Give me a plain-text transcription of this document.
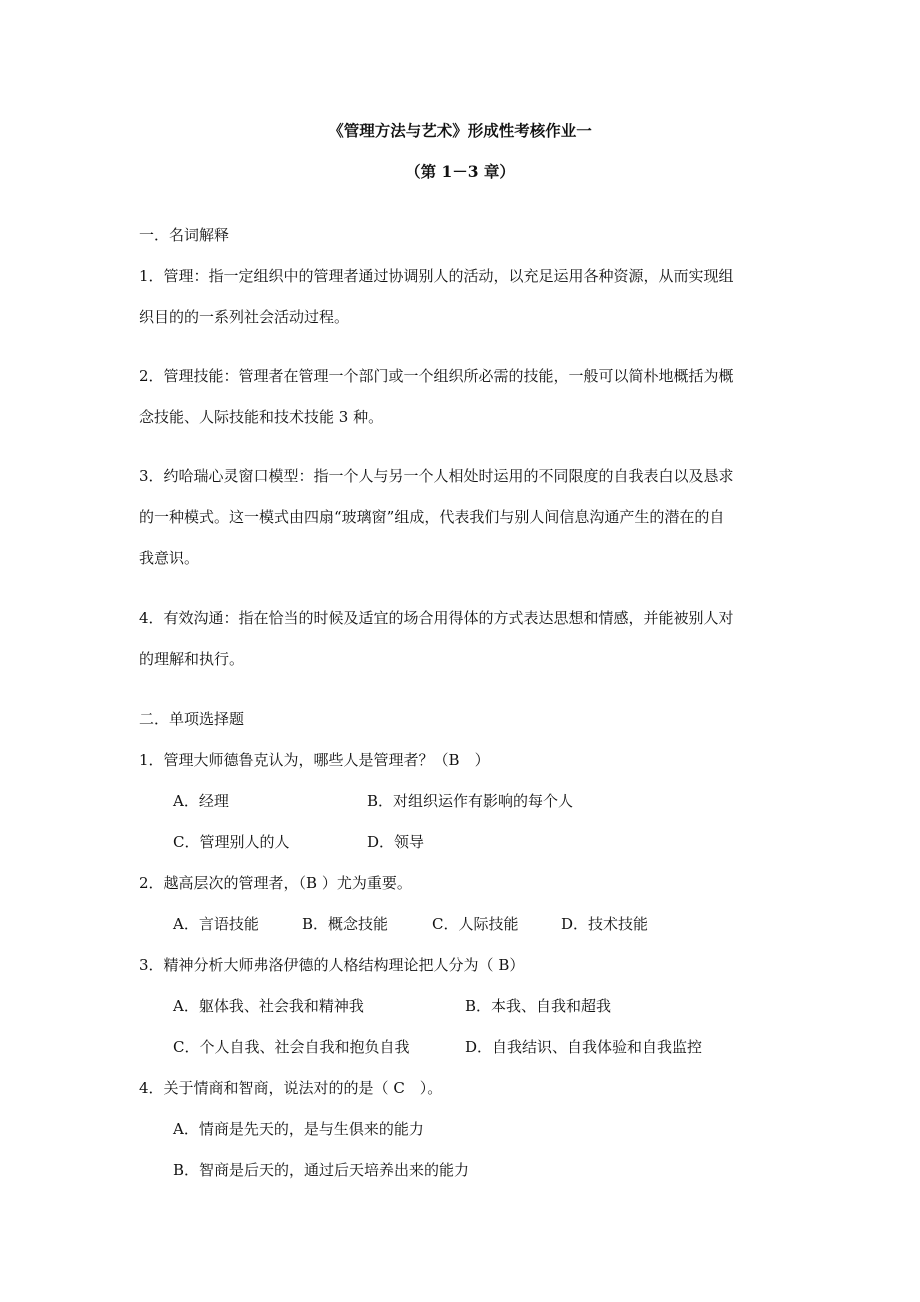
《管理方法与艺术》形成性考核作业一
（第 1－3 章）
一．名词解释
1．管理：指一定组织中的管理者通过协调别人的活动，以充足运用各种资源，从而实现组
织目的的一系列社会活动过程。
2．管理技能：管理者在管理一个部门或一个组织所必需的技能，一般可以简朴地概括为概
念技能、人际技能和技术技能 3 种。
3．约哈瑞心灵窗口模型：指一个人与另一个人相处时运用的不同限度的自我表白以及恳求
的一种模式。这一模式由四扇“玻璃窗”组成，代表我们与别人间信息沟通产生的潜在的自
我意识。
4．有效沟通：指在恰当的时候及适宜的场合用得体的方式表达思想和情感，并能被别人对
的理解和执行。
二．单项选择题
1．管理大师德鲁克认为，哪些人是管理者？（B　）
A．经理	B．对组织运作有影响的每个人
C．管理别人的人	D．领导
2．越高层次的管理者，（B ）尤为重要。
A．言语技能	B．概念技能	C．人际技能	D．技术技能
3．精神分析大师弗洛伊德的人格结构理论把人分为（ B）
A．躯体我、社会我和精神我	B．本我、自我和超我
C．个人自我、社会自我和抱负自我	D．自我结识、自我体验和自我监控
4．关于情商和智商，说法对的的是（ C　）。
A．情商是先天的，是与生俱来的能力
B．智商是后天的，通过后天培养出来的能力
